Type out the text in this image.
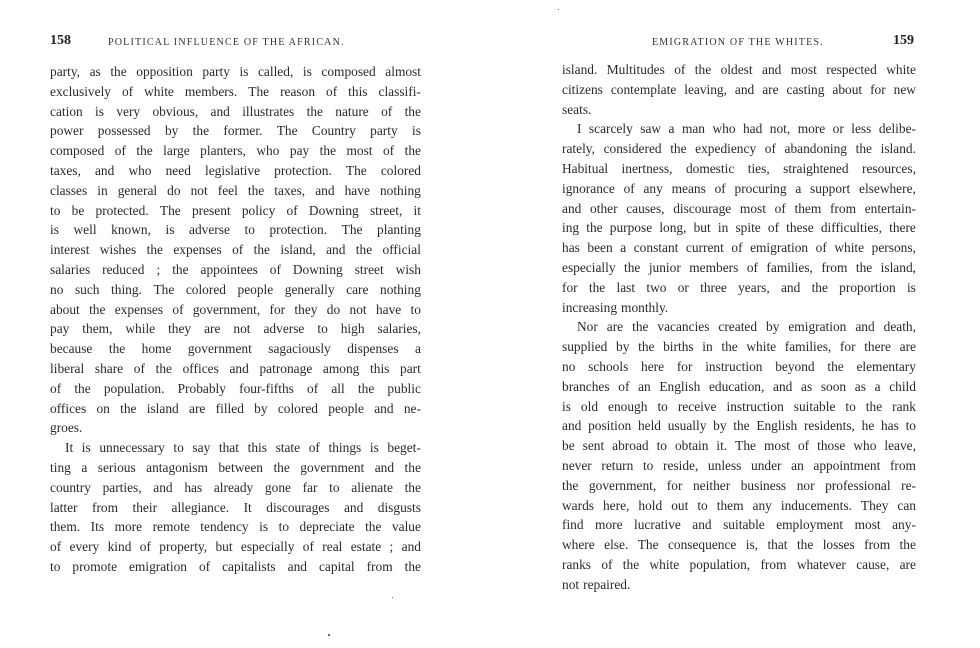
158	POLITICAL INFLUENCE OF THE AFRICAN.
party, as the opposition party is called, is composed almost
exclusively of white members. The reason of this classifi-
cation is very obvious, and illustrates the nature of the
power possessed by the former. The Country party is
composed of the large planters, who pay the most of the
taxes, and who need legislative protection. The colored
classes in general do not feel the taxes, and have nothing
to be protected. The present policy of Downing street, it
is well known, is adverse to protection. The planting
interest wishes the expenses of the island, and the official
salaries reduced ; the appointees of Downing street wish
no such thing. The colored people generally care nothing
about the expenses of government, for they do not have to
pay them, while they are not adverse to high salaries,
because the home government sagaciously dispenses a
liberal share of the offices and patronage among this part
of the population. Probably four-fifths of all the public
offices on the island are filled by colored people and ne-
groes.
It is unnecessary to say that this state of things is beget-
ting a serious antagonism between the government and the
country parties, and has already gone far to alienate the
latter from their allegiance. It discourages and disgusts
them. Its more remote tendency is to depreciate the value
of every kind of property, but especially of real estate ; and
to promote emigration of capitalists and capital from the
EMIGRATION OF THE WHITES.	159
island. Multitudes of the oldest and most respected white
citizens contemplate leaving, and are casting about for new
seats.
I scarcely saw a man who had not, more or less delibe-
rately, considered the expediency of abandoning the island.
Habitual inertness, domestic ties, straightened resources,
ignorance of any means of procuring a support elsewhere,
and other causes, discourage most of them from entertain-
ing the purpose long, but in spite of these difficulties, there
has been a constant current of emigration of white persons,
especially the junior members of families, from the island,
for the last two or three years, and the proportion is
increasing monthly.
Nor are the vacancies created by emigration and death,
supplied by the births in the white families, for there are
no schools here for instruction beyond the elementary
branches of an English education, and as soon as a child
is old enough to receive instruction suitable to the rank
and position held usually by the English residents, he has to
be sent abroad to obtain it. The most of those who leave,
never return to reside, unless under an appointment from
the government, for neither business nor professional re-
wards here, hold out to them any inducements. They can
find more lucrative and suitable employment most any-
where else. The consequence is, that the losses from the
ranks of the white population, from whatever cause, are
not repaired.
